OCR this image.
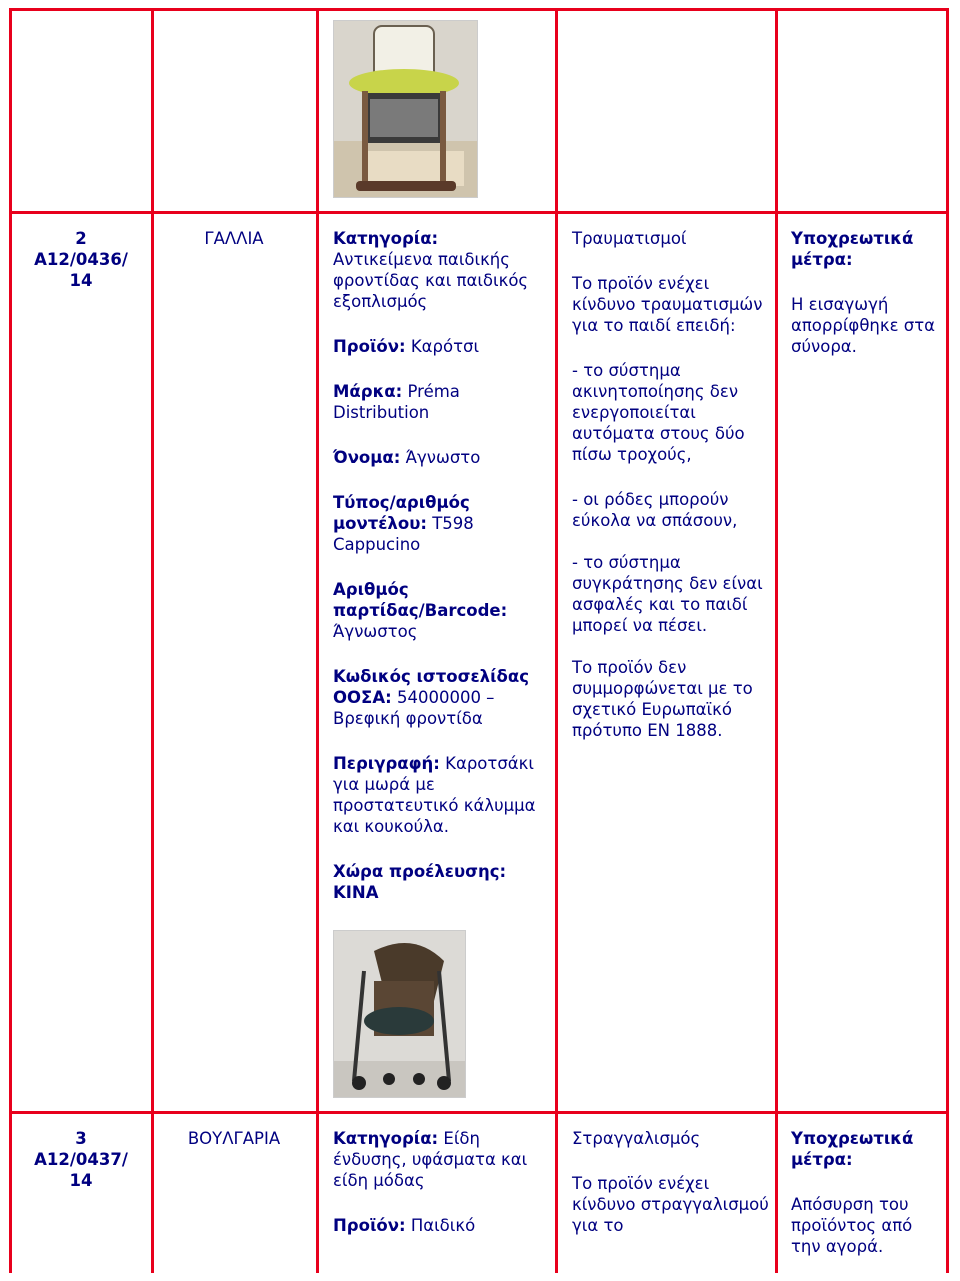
2
A12/0436/
14
ΓΑΛΛΙΑ	Κατηγορία:
Αντικείμενα παιδικής φροντίδας και παιδικός εξοπλισμός
Προϊόν: Καρότσι
Μάρκα: Préma Distribution
Όνομα: Άγνωστο
Τύπος/αριθμός μοντέλου: T598 Cappucino
Αριθμός παρτίδας/Barcode: Άγνωστος
Κωδικός ιστοσελίδας ΟΟΣΑ: 54000000 – Βρεφική φροντίδα
Περιγραφή: Καροτσάκι για μωρά με προστατευτικό κάλυμμα και κουκούλα.
Χώρα προέλευσης:
ΚΙΝΑ
Τραυματισμοί
Το προϊόν ενέχει κίνδυνο τραυματισμών για το παιδί επειδή:
- το σύστημα ακινητοποίησης δεν ενεργοποιείται αυτόματα στους δύο πίσω τροχούς,
- οι ρόδες μπορούν εύκολα να σπάσουν,
- το σύστημα συγκράτησης δεν είναι ασφαλές και το παιδί μπορεί να πέσει.
Το προϊόν δεν συμμορφώνεται με το σχετικό Ευρωπαϊκό πρότυπο EN 1888.
Υποχρεωτικά μέτρα:
Η εισαγωγή απορρίφθηκε στα σύνορα.
3
A12/0437/
14
ΒΟΥΛΓΑΡΙΑ	Κατηγορία: Είδη ένδυσης, υφάσματα και είδη μόδας
Προϊόν: Παιδικό
Στραγγαλισμός
Το προϊόν ενέχει κίνδυνο στραγγαλισμού για το
Υποχρεωτικά μέτρα:
Απόσυρση του προϊόντος από την αγορά.
